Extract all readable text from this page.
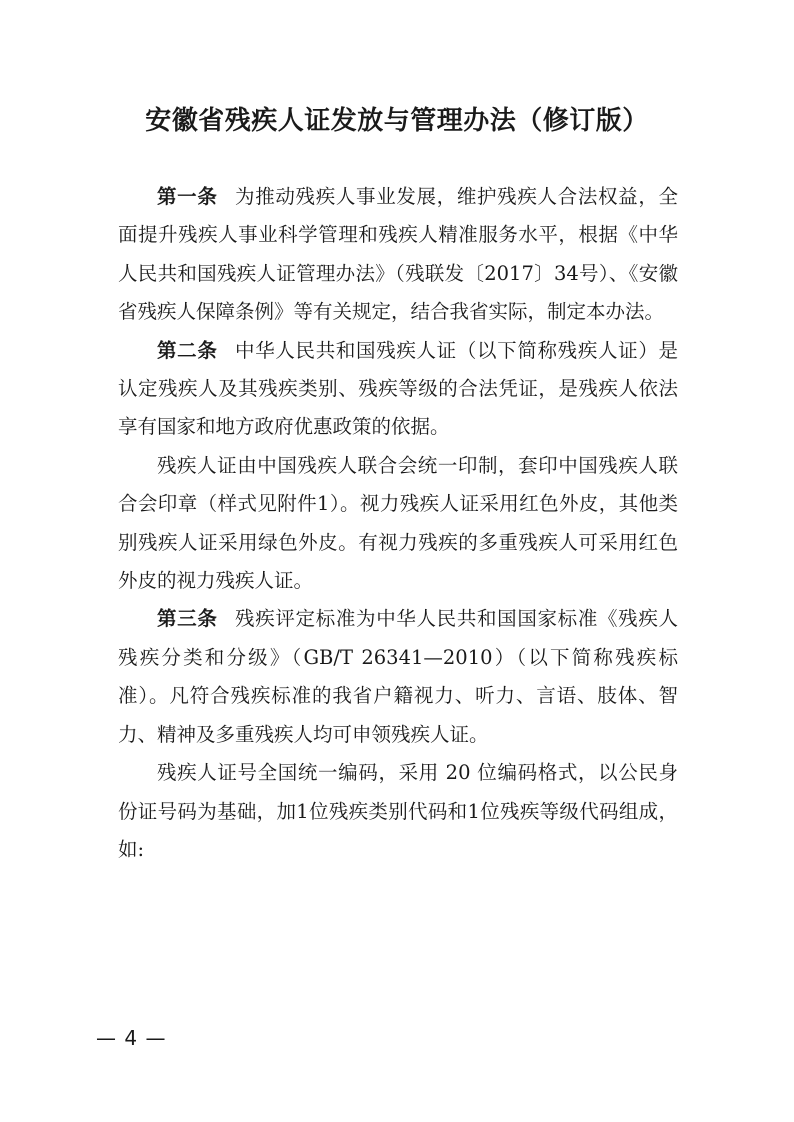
安徽省残疾人证发放与管理办法（修订版）

第一条 为推动残疾人事业发展，维护残疾人合法权益，全面提升残疾人事业科学管理和残疾人精准服务水平，根据《中华人民共和国残疾人证管理办法》（残联发〔2017〕34号）、《安徽省残疾人保障条例》等有关规定，结合我省实际，制定本办法。

第二条 中华人民共和国残疾人证（以下简称残疾人证）是认定残疾人及其残疾类别、残疾等级的合法凭证，是残疾人依法享有国家和地方政府优惠政策的依据。

残疾人证由中国残疾人联合会统一印制，套印中国残疾人联合会印章（样式见附件1）。视力残疾人证采用红色外皮，其他类别残疾人证采用绿色外皮。有视力残疾的多重残疾人可采用红色外皮的视力残疾人证。

第三条 残疾评定标准为中华人民共和国国家标准《残疾人残疾分类和分级》（GB/T 26341—2010）（以下简称残疾标准）。凡符合残疾标准的我省户籍视力、听力、言语、肢体、智力、精神及多重残疾人均可申领残疾人证。

残疾人证号全国统一编码，采用 20 位编码格式，以公民身份证号码为基础，加1位残疾类别代码和1位残疾等级代码组成，如:

— 4 —
